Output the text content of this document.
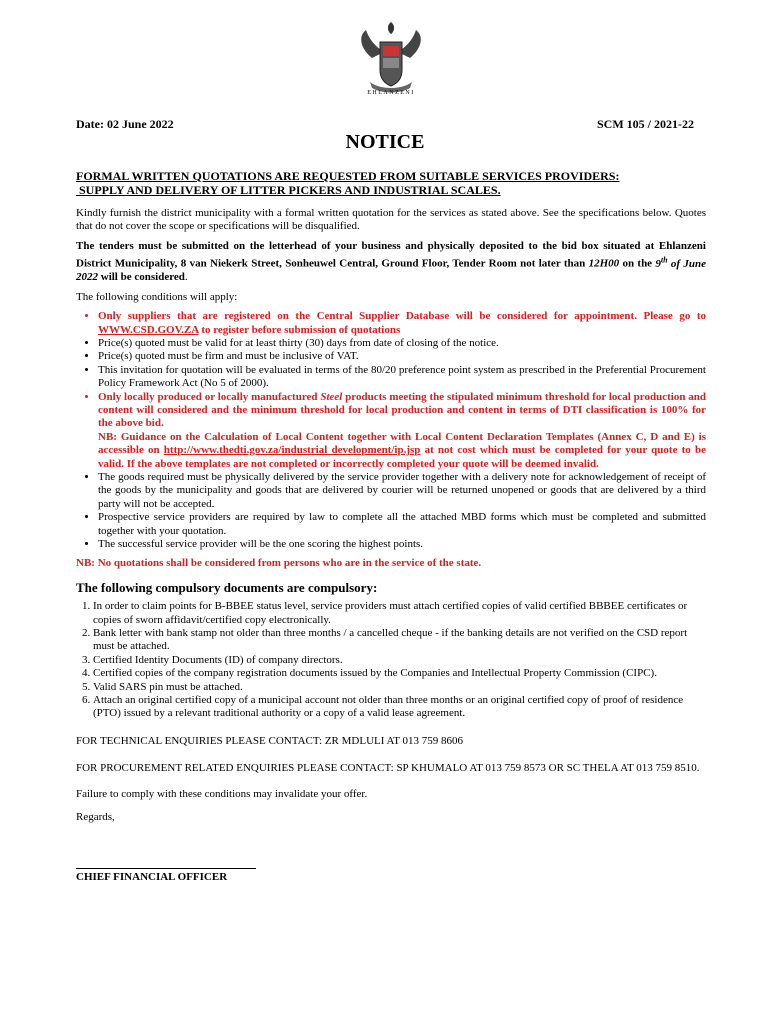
EHLANZENI
Date: 02 June 2022	SCM 105 / 2021-22
NOTICE
FORMAL WRITTEN QUOTATIONS ARE REQUESTED FROM SUITABLE SERVICES PROVIDERS:
SUPPLY AND DELIVERY OF LITTER PICKERS AND INDUSTRIAL SCALES.

Kindly furnish the district municipality with a formal written quotation for the services as stated above. See the specifications below. Quotes that do not cover the scope or specifications will be disqualified.

The tenders must be submitted on the letterhead of your business and physically deposited to the bid box situated at Ehlanzeni District Municipality, 8 van Niekerk Street, Sonheuwel Central, Ground Floor, Tender Room not later than 12H00 on the 9th of June 2022 will be considered.

The following conditions will apply:

• Only suppliers that are registered on the Central Supplier Database will be considered for appointment. Please go to WWW.CSD.GOV.ZA to register before submission of quotations
• Price(s) quoted must be valid for at least thirty (30) days from date of closing of the notice.
• Price(s) quoted must be firm and must be inclusive of VAT.
• This invitation for quotation will be evaluated in terms of the 80/20 preference point system as prescribed in the Preferential Procurement Policy Framework Act (No 5 of 2000).
• Only locally produced or locally manufactured Steel products meeting the stipulated minimum threshold for local production and content will considered and the minimum threshold for local production and content in terms of DTI classification is 100% for the above bid.
NB: Guidance on the Calculation of Local Content together with Local Content Declaration Templates (Annex C, D and E) is accessible on http://www.thedti.gov.za/industrial development/ip.jsp at not cost which must be completed for your quote to be valid. If the above templates are not completed or incorrectly completed your quote will be deemed invalid.
• The goods required must be physically delivered by the service provider together with a delivery note for acknowledgement of receipt of the goods by the municipality and goods that are delivered by courier will be returned unopened or goods that are delivered by a third party will not be accepted.
• Prospective service providers are required by law to complete all the attached MBD forms which must be completed and submitted together with your quotation.
• The successful service provider will be the one scoring the highest points.

NB: No quotations shall be considered from persons who are in the service of the state.

The following compulsory documents are compulsory:
1. In order to claim points for B-BBEE status level, service providers must attach certified copies of valid certified BBBEE certificates or copies of sworn affidavit/certified copy electronically.
2. Bank letter with bank stamp not older than three months / a cancelled cheque - if the banking details are not verified on the CSD report must be attached.
3. Certified Identity Documents (ID) of company directors.
4. Certified copies of the company registration documents issued by the Companies and Intellectual Property Commission (CIPC).
5. Valid SARS pin must be attached.
6. Attach an original certified copy of a municipal account not older than three months or an original certified copy of proof of residence (PTO) issued by a relevant traditional authority or a copy of a valid lease agreement.

FOR TECHNICAL ENQUIRIES PLEASE CONTACT: ZR MDLULI AT 013 759 8606

FOR PROCUREMENT RELATED ENQUIRIES PLEASE CONTACT: SP KHUMALO AT 013 759 8573 OR SC THELA AT 013 759 8510.

Failure to comply with these conditions may invalidate your offer.

Regards,

CHIEF FINANCIAL OFFICER
